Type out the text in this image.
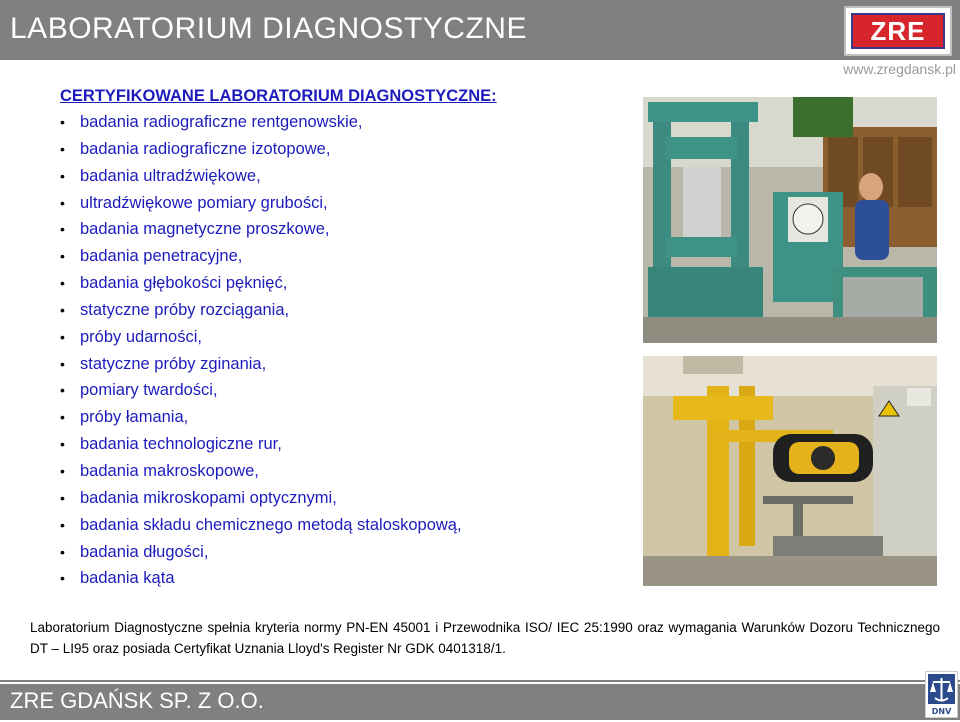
LABORATORIUM DIAGNOSTYCZNE	ZRE
www.zregdansk.pl
CERTYFIKOWANE LABORATORIUM DIAGNOSTYCZNE:
• badania radiograficzne rentgenowskie,
• badania radiograficzne izotopowe,
• badania ultradźwiękowe,
• ultradźwiękowe pomiary grubości,
• badania magnetyczne proszkowe,
• badania penetracyjne,
• badania głębokości pęknięć,
• statyczne próby rozciągania,
• próby udarności,
• statyczne próby zginania,
• pomiary twardości,
• próby łamania,
• badania technologiczne rur,
• badania makroskopowe,
• badania mikroskopami optycznymi,
• badania składu chemicznego metodą staloskopową,
• badania długości,
• badania kąta
Laboratorium Diagnostyczne spełnia kryteria normy PN-EN 45001 i Przewodnika ISO/ IEC 25:1990 oraz wymagania Warunków Dozoru Technicznego DT – LI95 oraz posiada Certyfikat Uznania Lloyd's Register Nr GDK 0401318/1.
ZRE GDAŃSK SP. Z O.O.	DNV
